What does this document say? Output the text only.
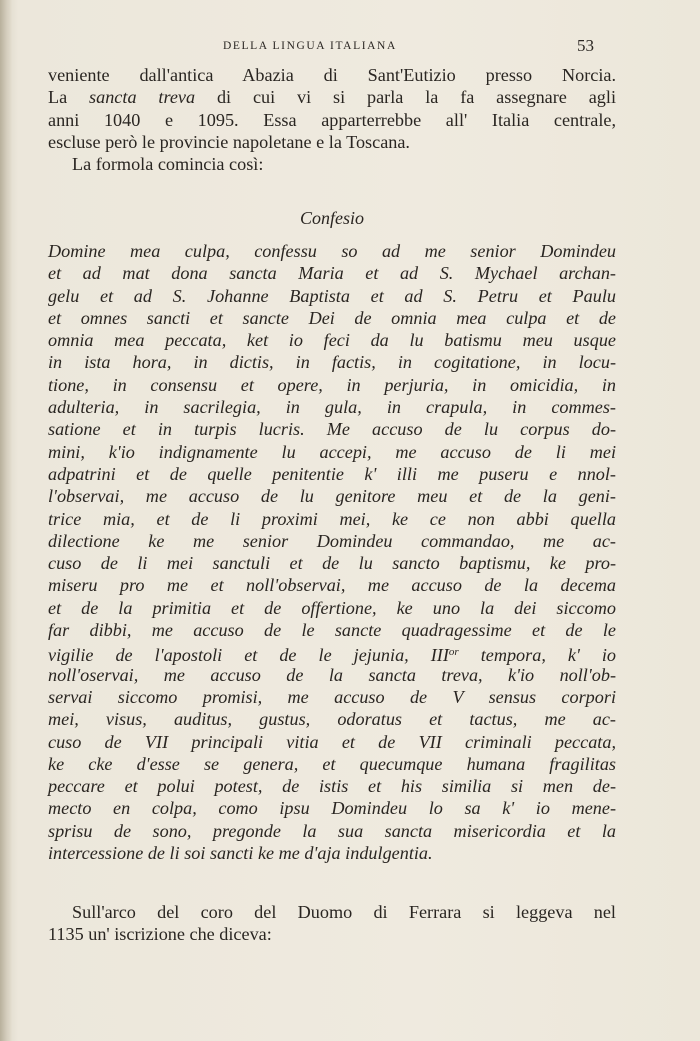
DELLA LINGUA ITALIANA	53
veniente dall'antica Abazia di Sant'Eutizio presso Norcia.
La sancta treva di cui vi si parla la fa assegnare agli
anni 1040 e 1095. Essa apparterrebbe all' Italia centrale,
escluse però le provincie napoletane e la Toscana.
La formola comincia così:
Confesio
Domine mea culpa, confessu so ad me senior Domindeu
et ad mat dona sancta Maria et ad S. Mychael archan-
gelu et ad S. Johanne Baptista et ad S. Petru et Paulu
et omnes sancti et sancte Dei de omnia mea culpa et de
omnia mea peccata, ket io feci da lu batismu meu usque
in ista hora, in dictis, in factis, in cogitatione, in locu-
tione, in consensu et opere, in perjuria, in omicidia, in
adulteria, in sacrilegia, in gula, in crapula, in commes-
satione et in turpis lucris. Me accuso de lu corpus do-
mini, k'io indignamente lu accepi, me accuso de li mei
adpatrini et de quelle penitentie k' illi me puseru e nnol-
l'observai, me accuso de lu genitore meu et de la geni-
trice mia, et de li proximi mei, ke ce non abbi quella
dilectione ke me senior Domindeu commandao, me ac-
cuso de li mei sanctuli et de lu sancto baptismu, ke pro-
miseru pro me et noll'observai, me accuso de la decema
et de la primitia et de offertione, ke uno la dei siccomo
far dibbi, me accuso de le sancte quadragessime et de le
vigilie de l'apostoli et de le jejunia, $III^{or}$ tempora, k' io
noll'oservai, me accuso de la sancta treva, k'io noll'ob-
servai siccomo promisi, me accuso de V sensus corpori
mei, visus, auditus, gustus, odoratus et tactus, me ac-
cuso de VII principali vitia et de VII criminali peccata,
ke cke d'esse se genera, et quecumque humana fragilitas
peccare et polui potest, de istis et his similia si men de-
mecto en colpa, como ipsu Domindeu lo sa k' io mene-
sprisu de sono, pregonde la sua sancta misericordia et la
intercessione de li soi sancti ke me d'aja indulgentia.
Sull'arco del coro del Duomo di Ferrara si leggeva nel
1135 un' iscrizione che diceva:
